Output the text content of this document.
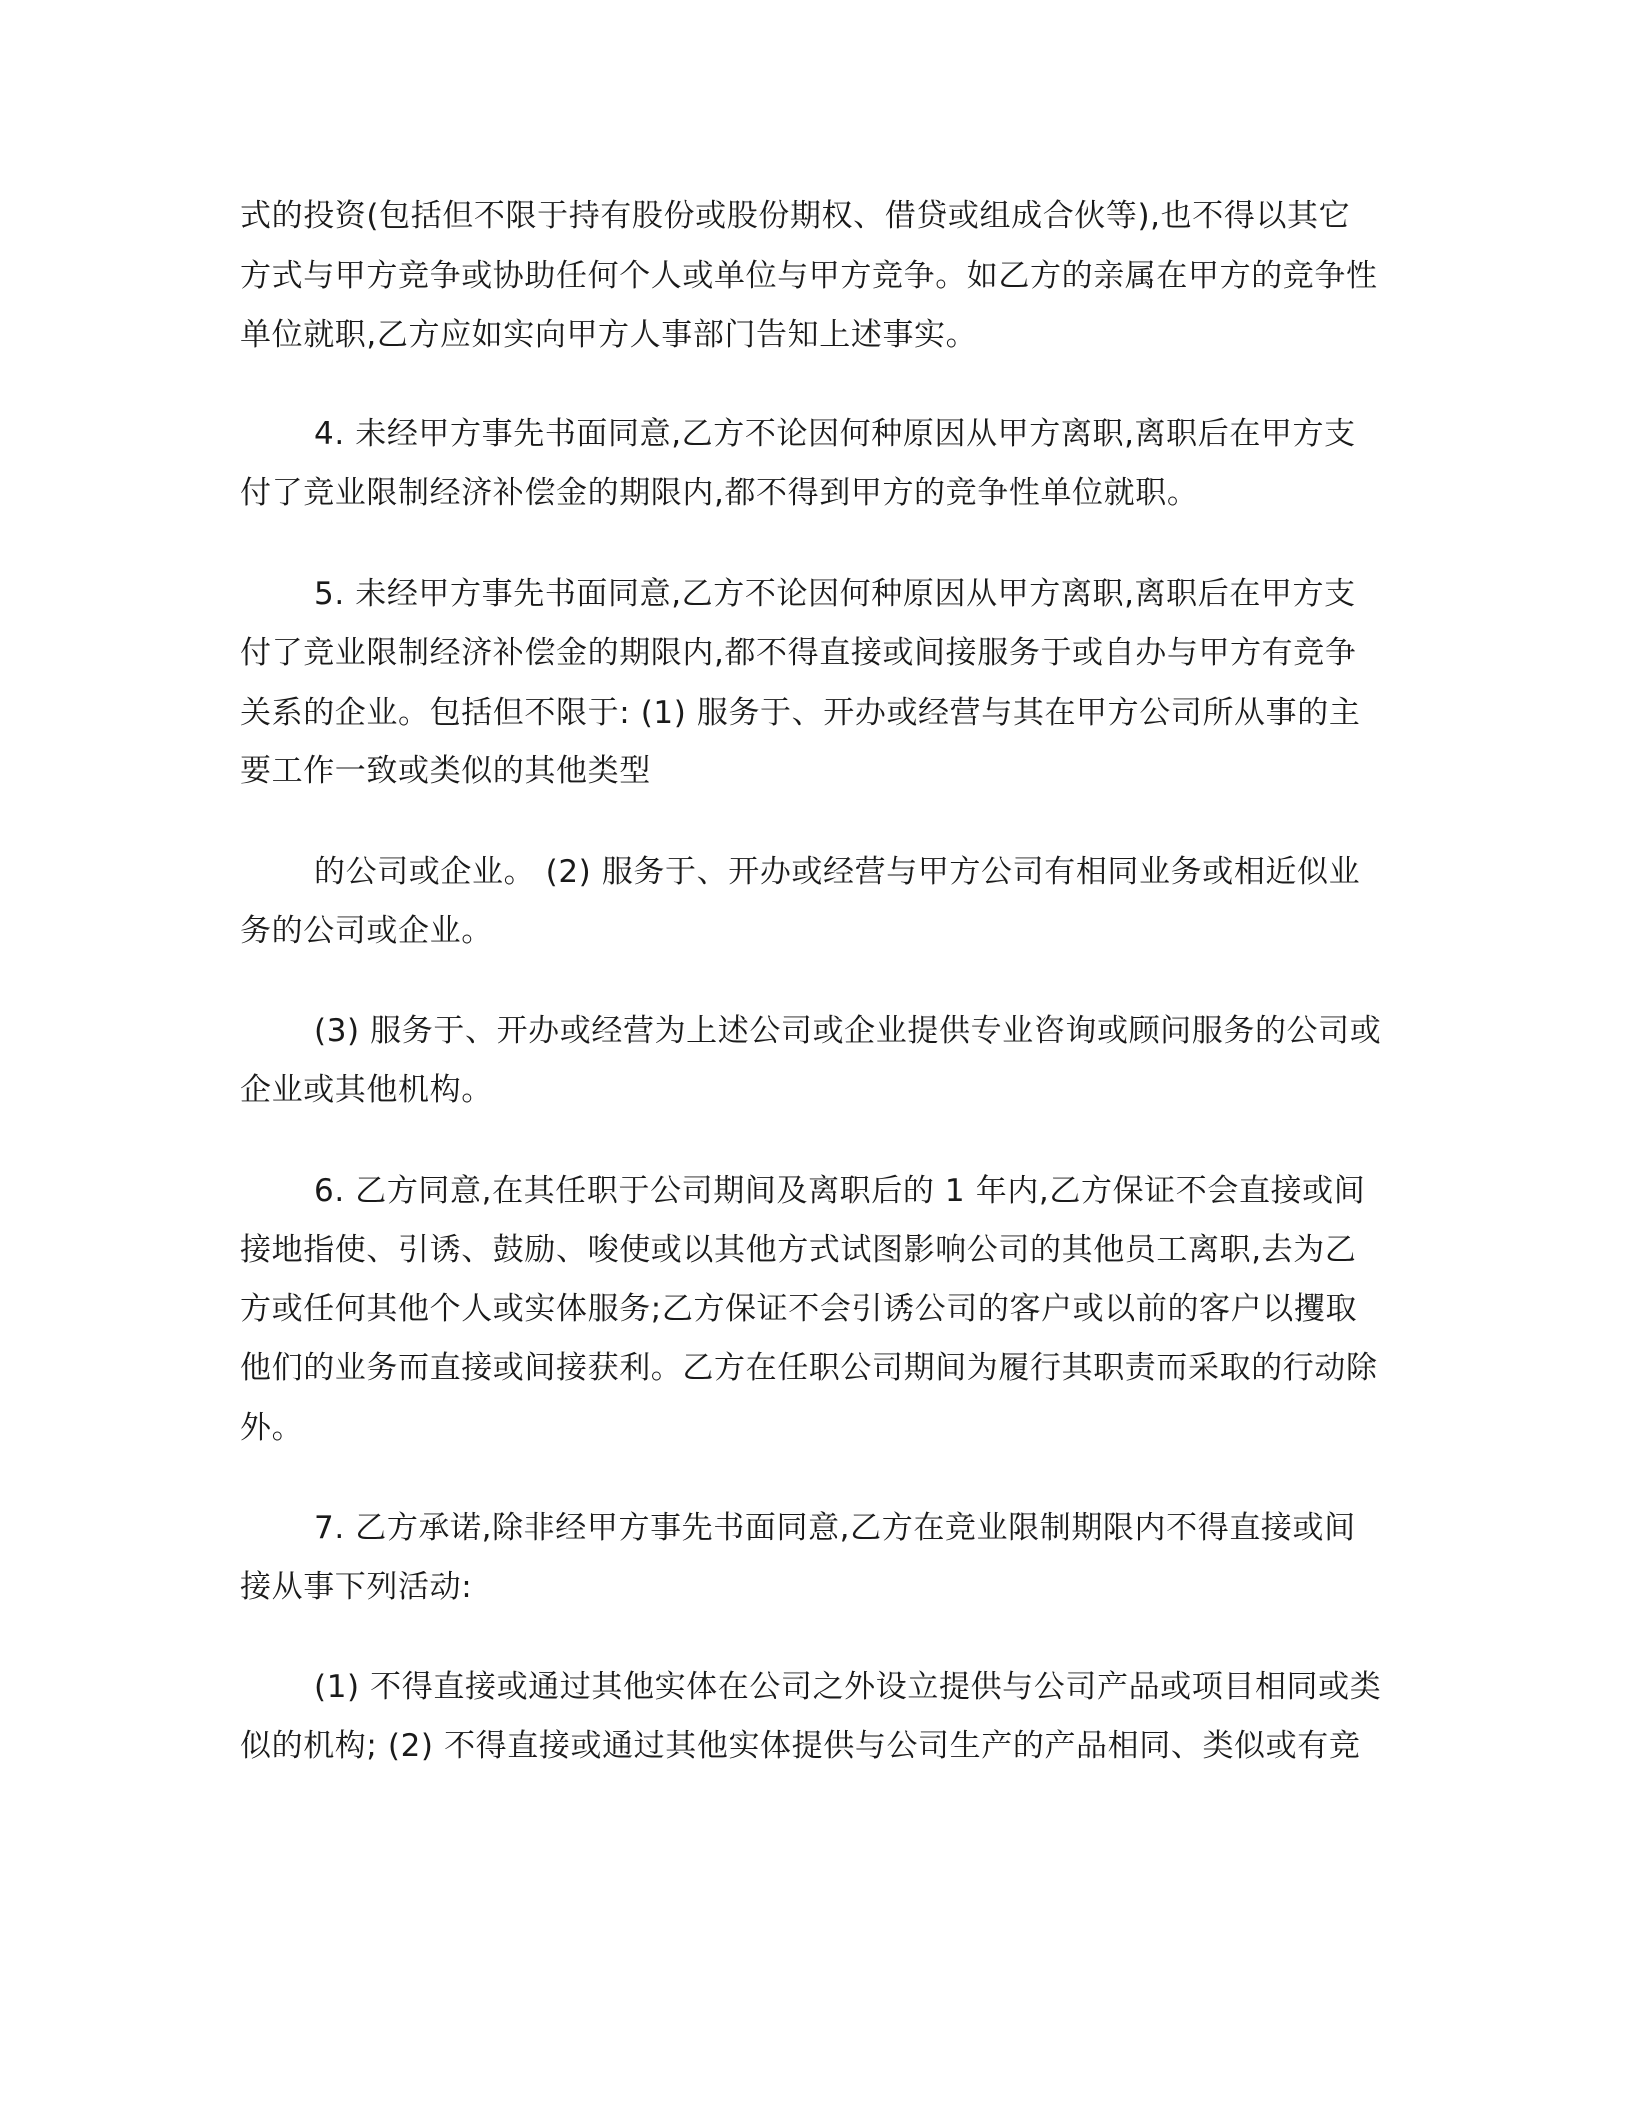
式的投资(包括但不限于持有股份或股份期权、借贷或组成合伙等),也不得以其它
方式与甲方竞争或协助任何个人或单位与甲方竞争。如乙方的亲属在甲方的竞争性
单位就职,乙方应如实向甲方人事部门告知上述事实。
4. 未经甲方事先书面同意,乙方不论因何种原因从甲方离职,离职后在甲方支
付了竞业限制经济补偿金的期限内,都不得到甲方的竞争性单位就职。
5. 未经甲方事先书面同意,乙方不论因何种原因从甲方离职,离职后在甲方支
付了竞业限制经济补偿金的期限内,都不得直接或间接服务于或自办与甲方有竞争
关系的企业。包括但不限于: (1) 服务于、开办或经营与其在甲方公司所从事的主
要工作一致或类似的其他类型
的公司或企业。 (2) 服务于、开办或经营与甲方公司有相同业务或相近似业
务的公司或企业。
(3) 服务于、开办或经营为上述公司或企业提供专业咨询或顾问服务的公司或
企业或其他机构。
6. 乙方同意,在其任职于公司期间及离职后的 1 年内,乙方保证不会直接或间
接地指使、引诱、鼓励、唆使或以其他方式试图影响公司的其他员工离职,去为乙
方或任何其他个人或实体服务;乙方保证不会引诱公司的客户或以前的客户以攫取
他们的业务而直接或间接获利。乙方在任职公司期间为履行其职责而采取的行动除
外。
7. 乙方承诺,除非经甲方事先书面同意,乙方在竞业限制期限内不得直接或间
接从事下列活动:
(1) 不得直接或通过其他实体在公司之外设立提供与公司产品或项目相同或类
似的机构; (2) 不得直接或通过其他实体提供与公司生产的产品相同、类似或有竞
